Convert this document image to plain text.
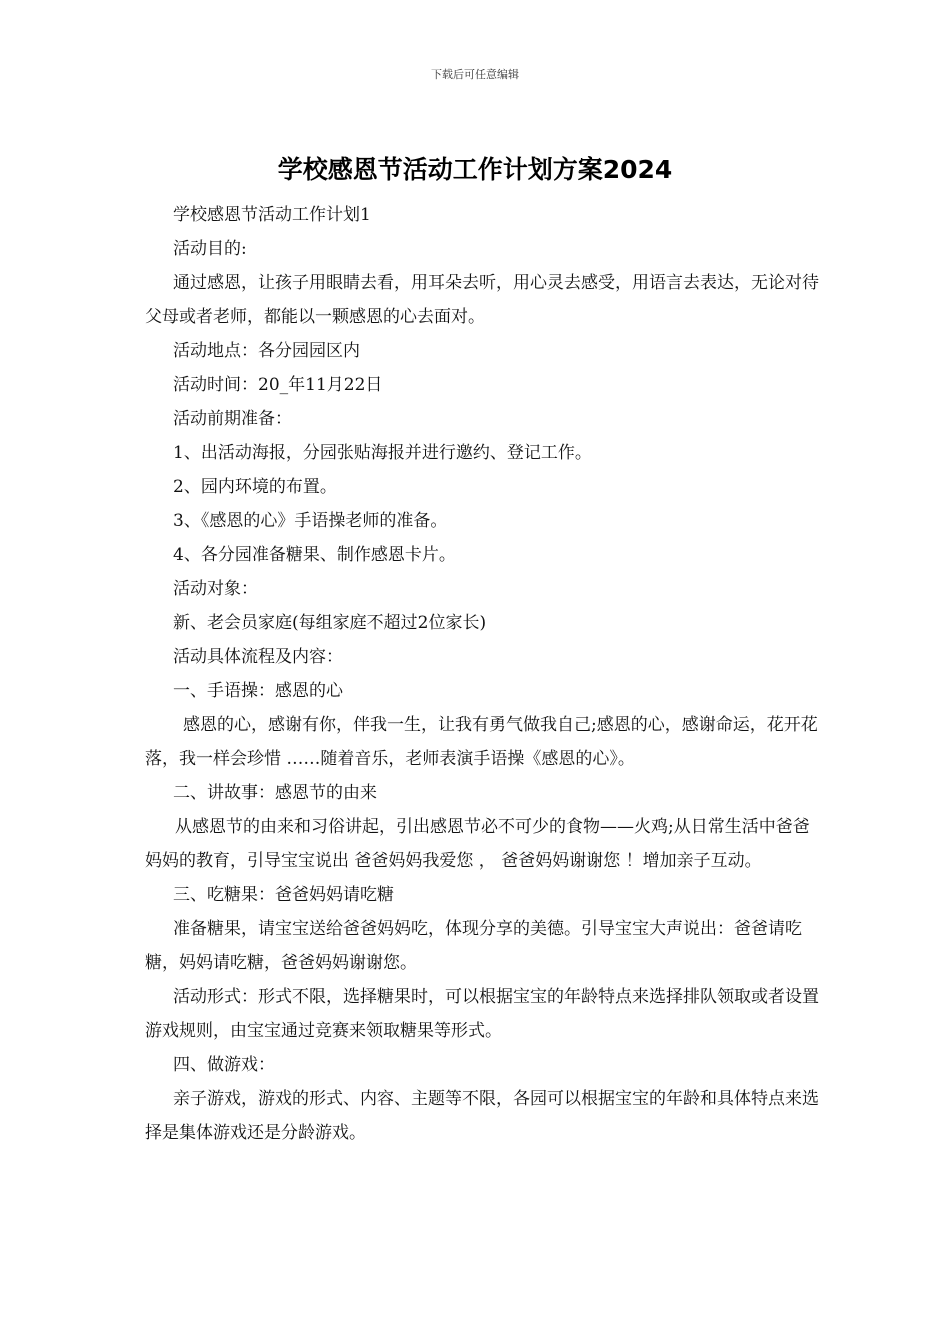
下载后可任意编辑
学校感恩节活动工作计划方案2024

学校感恩节活动工作计划1

活动目的:

通过感恩，让孩子用眼睛去看，用耳朵去听，用心灵去感受，用语言去表达，无论对待父母或者老师，都能以一颗感恩的心去面对。

活动地点：各分园园区内

活动时间：20_年11月22日

活动前期准备：

1、出活动海报，分园张贴海报并进行邀约、登记工作。

2、园内环境的布置。

3、《感恩的心》手语操老师的准备。

4、各分园准备糖果、制作感恩卡片。

活动对象：

新、老会员家庭(每组家庭不超过2位家长)

活动具体流程及内容：

一、手语操：感恩的心

感恩的心，感谢有你，伴我一生，让我有勇气做我自己;感恩的心，感谢命运，花开花落，我一样会珍惜 ……随着音乐，老师表演手语操《感恩的心》。

二、讲故事：感恩节的由来

从感恩节的由来和习俗讲起，引出感恩节必不可少的食物——火鸡;从日常生活中爸爸妈妈的教育，引导宝宝说出 爸爸妈妈我爱您 ， 爸爸妈妈谢谢您 ！增加亲子互动。

三、吃糖果：爸爸妈妈请吃糖

准备糖果，请宝宝送给爸爸妈妈吃，体现分享的美德。引导宝宝大声说出：爸爸请吃糖，妈妈请吃糖，爸爸妈妈谢谢您。

活动形式：形式不限，选择糖果时，可以根据宝宝的年龄特点来选择排队领取或者设置游戏规则，由宝宝通过竞赛来领取糖果等形式。

四、做游戏：

亲子游戏，游戏的形式、内容、主题等不限，各园可以根据宝宝的年龄和具体特点来选择是集体游戏还是分龄游戏。
